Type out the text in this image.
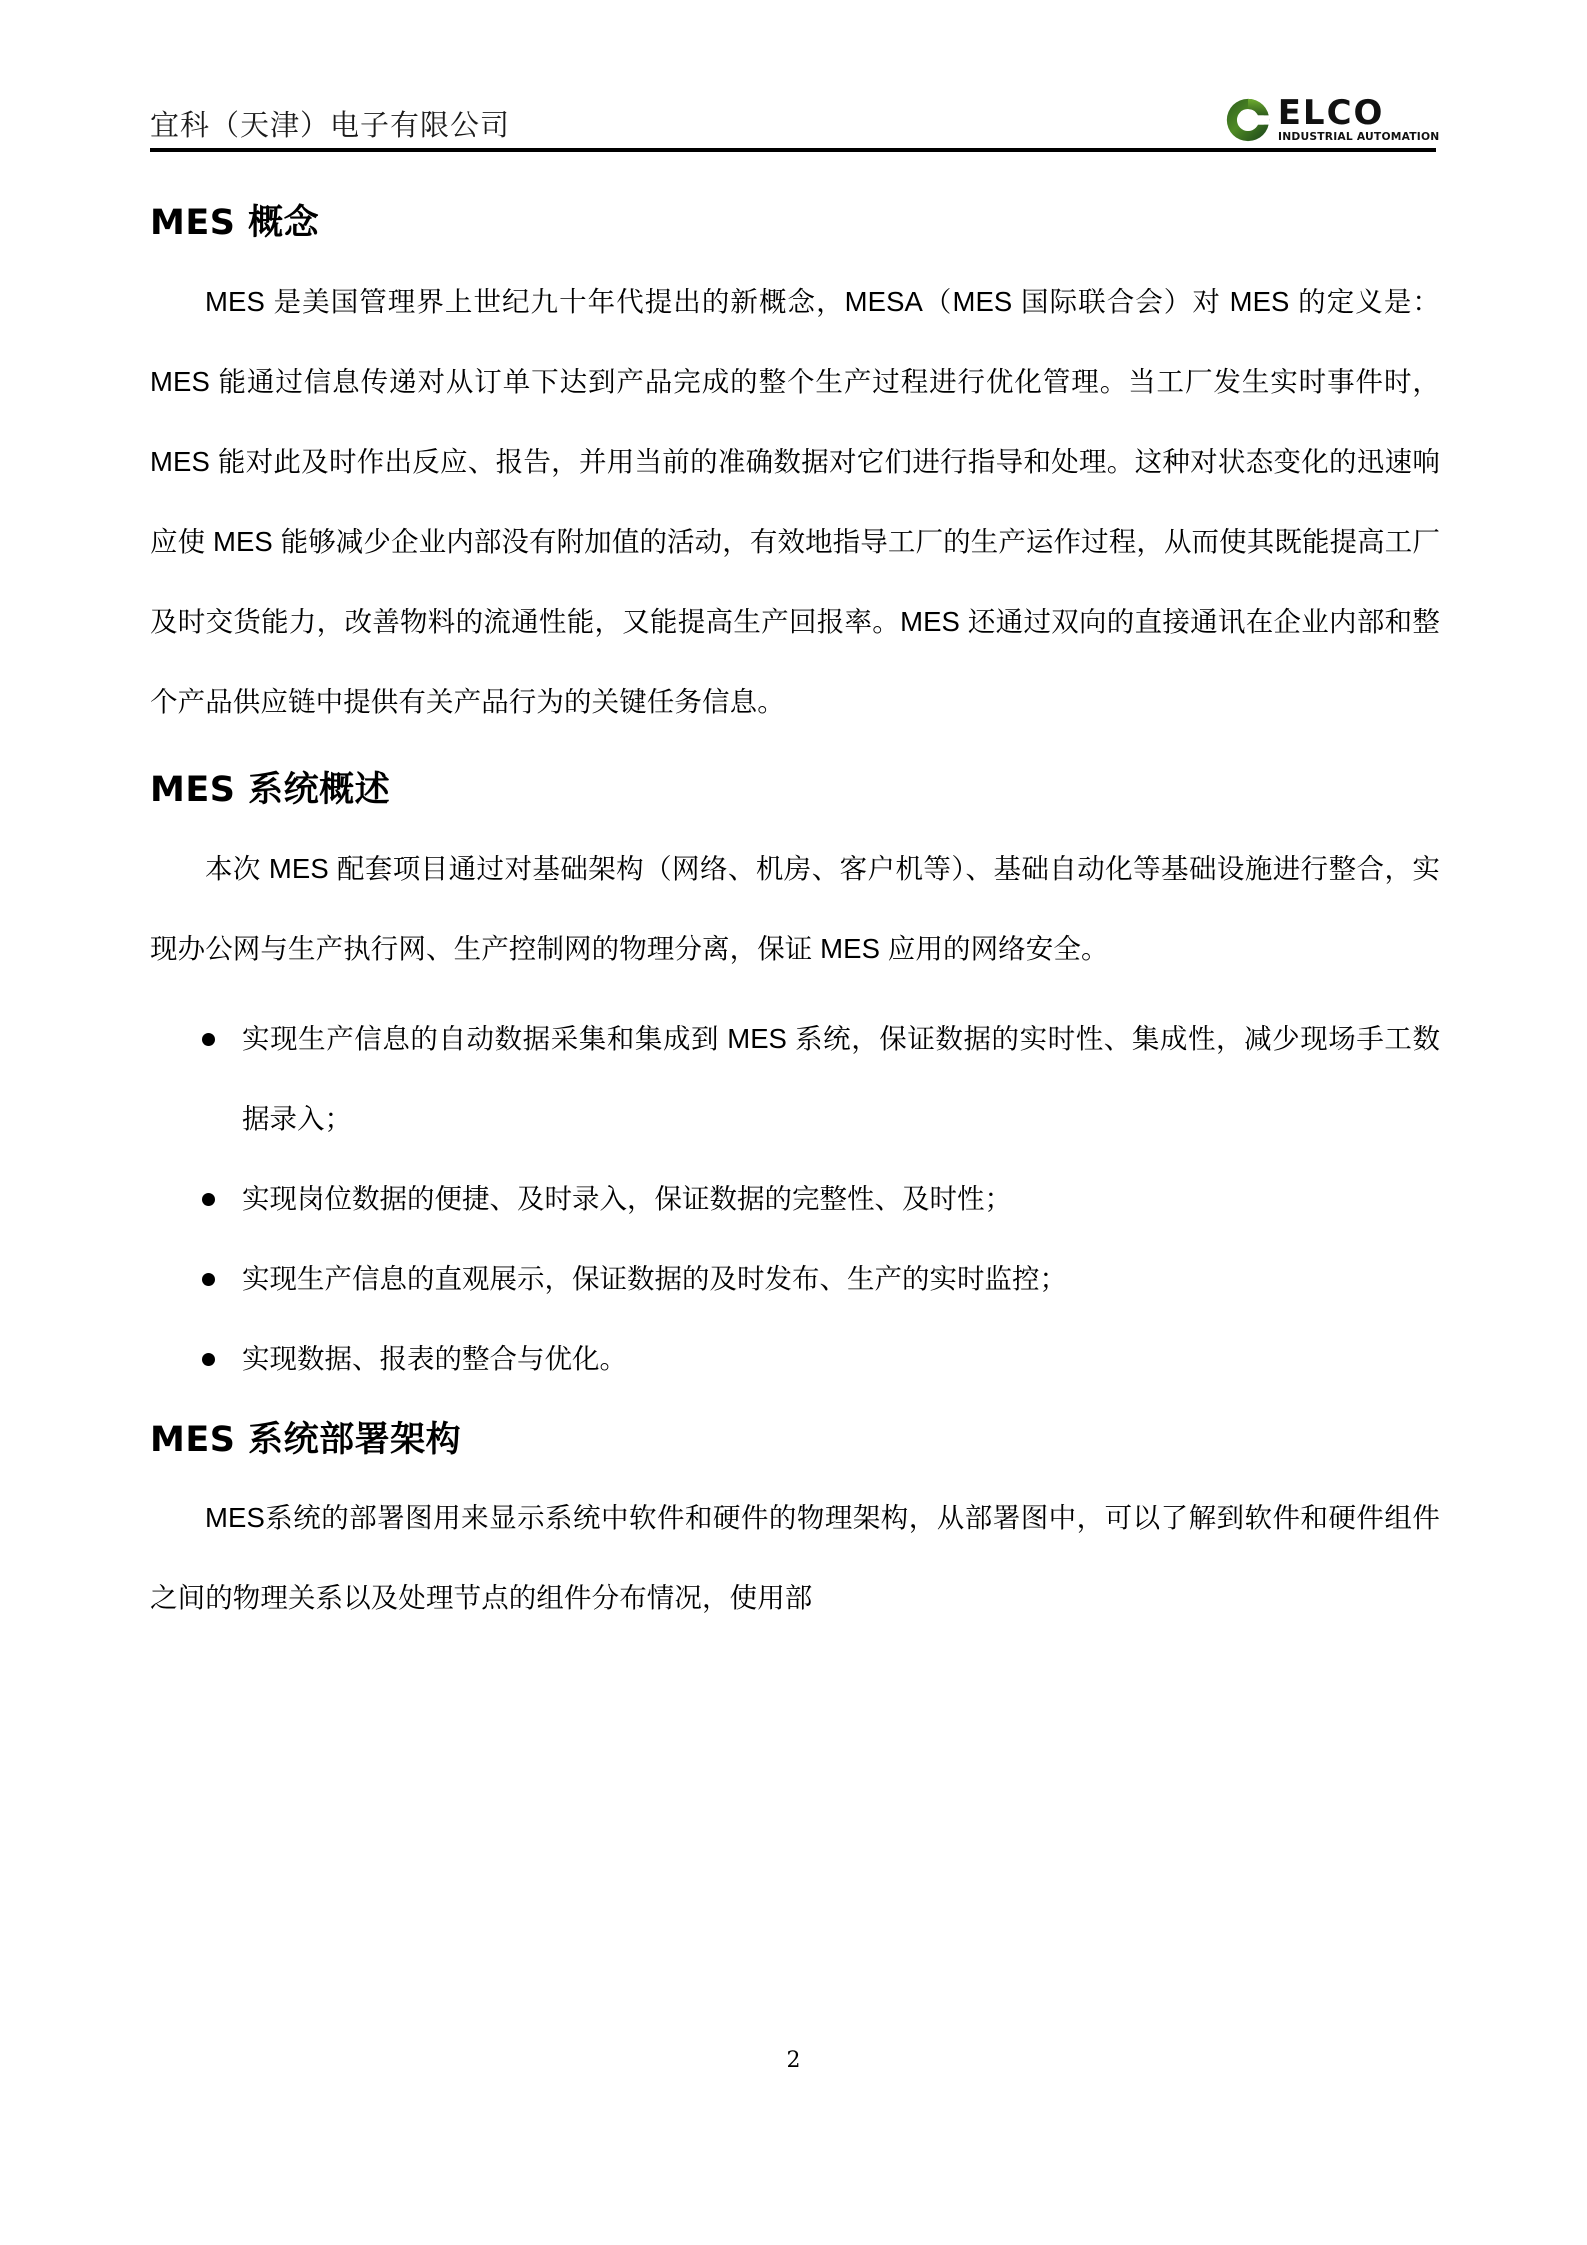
宜科（天津）电子有限公司	ELCO
INDUSTRIAL AUTOMATION
MES 概念

MES 是美国管理界上世纪九十年代提出的新概念，MESA（MES 国际联合会）对 MES 的定义是：MES 能通过信息传递对从订单下达到产品完成的整个生产过程进行优化管理。当工厂发生实时事件时，MES 能对此及时作出反应、报告，并用当前的准确数据对它们进行指导和处理。这种对状态变化的迅速响应使 MES 能够减少企业内部没有附加值的活动，有效地指导工厂的生产运作过程，从而使其既能提高工厂及时交货能力，改善物料的流通性能，又能提高生产回报率。MES 还通过双向的直接通讯在企业内部和整个产品供应链中提供有关产品行为的关键任务信息。

MES 系统概述

本次 MES 配套项目通过对基础架构（网络、机房、客户机等）、基础自动化等基础设施进行整合，实现办公网与生产执行网、生产控制网的物理分离，保证 MES 应用的网络安全。

实现生产信息的自动数据采集和集成到 MES 系统，保证数据的实时性、集成性，减少现场手工数据录入；
实现岗位数据的便捷、及时录入，保证数据的完整性、及时性；
实现生产信息的直观展示，保证数据的及时发布、生产的实时监控；
实现数据、报表的整合与优化。
MES 系统部署架构

MES系统的部署图用来显示系统中软件和硬件的物理架构，从部署图中，可以了解到软件和硬件组件之间的物理关系以及处理节点的组件分布情况，使用部

2
